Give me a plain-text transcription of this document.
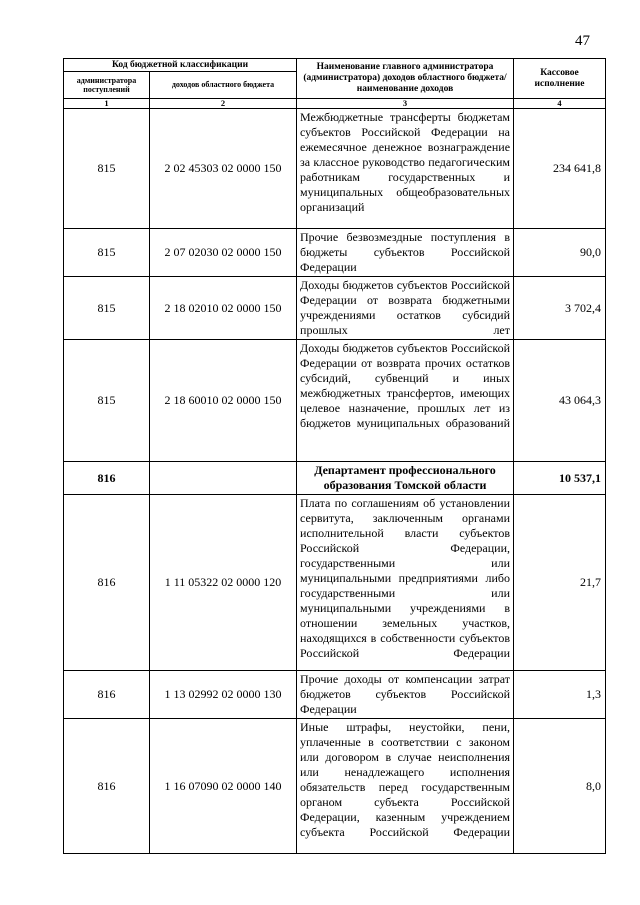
47
Код бюджетной классификации		Наименование главного администратора (администратора) доходов областного бюджета/ наименование доходов	Кассовое исполнение
администратора поступлений	доходов областного бюджета		
1	2	3	4
815	2 02 45303 02 0000 150	Межбюджетные трансферты бюджетам субъектов Российской Федерации на ежемесячное денежное вознаграждение за классное руководство педагогическим работникам государственных и муниципальных общеобразовательных организаций	234 641,8
815	2 07 02030 02 0000 150	Прочие безвозмездные поступления в бюджеты субъектов Российской Федерации	90,0
815	2 18 02010 02 0000 150	Доходы бюджетов субъектов Российской Федерации от возврата бюджетными учреждениями остатков субсидий прошлых лет	3 702,4
815	2 18 60010 02 0000 150	Доходы бюджетов субъектов Российской Федерации от возврата прочих остатков субсидий, субвенций и иных межбюджетных трансфертов, имеющих целевое назначение, прошлых лет из бюджетов муниципальных образований	43 064,3
816		Департамент профессионального образования Томской области	10 537,1
816	1 11 05322 02 0000 120	Плата по соглашениям об установлении сервитута, заключенным органами исполнительной власти субъектов Российской Федерации, государственными или муниципальными предприятиями либо государственными или муниципальными учреждениями в отношении земельных участков, находящихся в собственности субъектов Российской Федерации	21,7
816	1 13 02992 02 0000 130	Прочие доходы от компенсации затрат бюджетов субъектов Российской Федерации	1,3
816	1 16 07090 02 0000 140	Иные штрафы, неустойки, пени, уплаченные в соответствии с законом или договором в случае неисполнения или ненадлежащего исполнения обязательств перед государственным органом субъекта Российской Федерации, казенным учреждением субъекта Российской Федерации	8,0
